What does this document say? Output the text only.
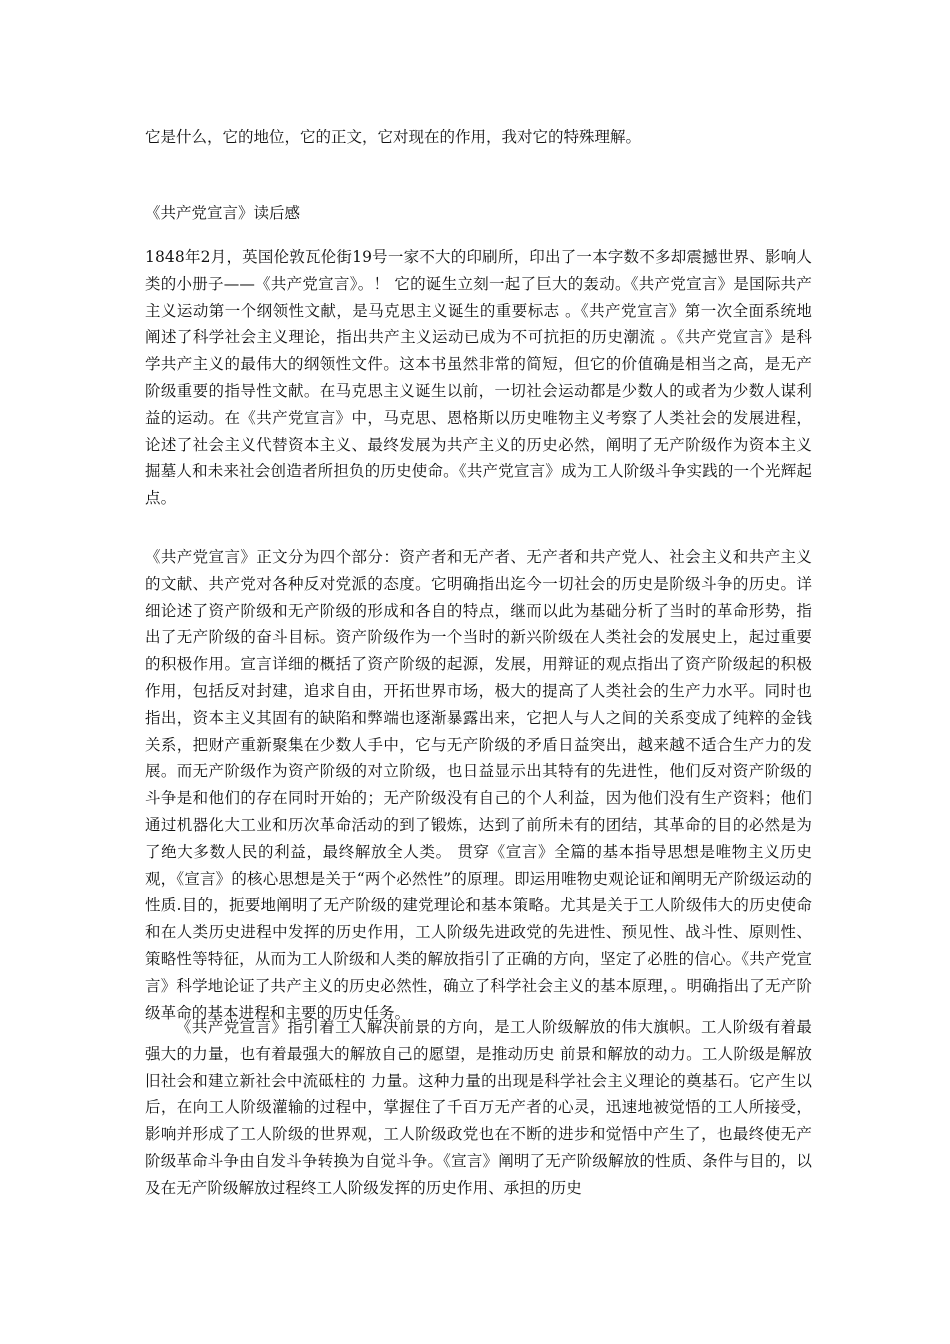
它是什么，它的地位，它的正文，它对现在的作用，我对它的特殊理解。

《共产党宣言》读后感

1848年2月，英国伦敦瓦伦街19号一家不大的印刷所，印出了一本字数不多却震撼世界、影响人类的小册子——《共产党宣言》。！ 它的诞生立刻一起了巨大的轰动。《共产党宣言》是国际共产主义运动第一个纲领性文献，是马克思主义诞生的重要标志 。《共产党宣言》第一次全面系统地阐述了科学社会主义理论，指出共产主义运动已成为不可抗拒的历史潮流 。《共产党宣言》是科学共产主义的最伟大的纲领性文件。这本书虽然非常的简短，但它的价值确是相当之高，是无产阶级重要的指导性文献。在马克思主义诞生以前，一切社会运动都是少数人的或者为少数人谋利益的运动。在《共产党宣言》中，马克思、恩格斯以历史唯物主义考察了人类社会的发展进程，论述了社会主义代替资本主义、最终发展为共产主义的历史必然，阐明了无产阶级作为资本主义掘墓人和未来社会创造者所担负的历史使命。《共产党宣言》成为工人阶级斗争实践的一个光辉起点。

《共产党宣言》正文分为四个部分：资产者和无产者、无产者和共产党人、社会主义和共产主义的文献、共产党对各种反对党派的态度。它明确指出迄今一切社会的历史是阶级斗争的历史。详细论述了资产阶级和无产阶级的形成和各自的特点，继而以此为基础分析了当时的革命形势，指出了无产阶级的奋斗目标。资产阶级作为一个当时的新兴阶级在人类社会的发展史上，起过重要的积极作用。宣言详细的概括了资产阶级的起源，发展，用辩证的观点指出了资产阶级起的积极作用，包括反对封建，追求自由，开拓世界市场，极大的提高了人类社会的生产力水平。同时也指出，资本主义其固有的缺陷和弊端也逐渐暴露出来，它把人与人之间的关系变成了纯粹的金钱关系，把财产重新聚集在少数人手中，它与无产阶级的矛盾日益突出，越来越不适合生产力的发展。而无产阶级作为资产阶级的对立阶级，也日益显示出其特有的先进性，他们反对资产阶级的斗争是和他们的存在同时开始的；无产阶级没有自己的个人利益，因为他们没有生产资料；他们通过机器化大工业和历次革命活动的到了锻炼，达到了前所未有的团结，其革命的目的必然是为了绝大多数人民的利益，最终解放全人类。 贯穿《宣言》全篇的基本指导思想是唯物主义历史观，《宣言》的核心思想是关于“两个必然性”的原理。即运用唯物史观论证和阐明无产阶级运动的性质.目的，扼要地阐明了无产阶级的建党理论和基本策略。尤其是关于工人阶级伟大的历史使命和在人类历史进程中发挥的历史作用，工人阶级先进政党的先进性、预见性、战斗性、原则性、策略性等特征，从而为工人阶级和人类的解放指引了正确的方向，坚定了必胜的信心。《共产党宣言》科学地论证了共产主义的历史必然性，确立了科学社会主义的基本原理，。明确指出了无产阶级革命的基本进程和主要的历史任务。

《共产党宣言》指引着工人解决前景的方向，是工人阶级解放的伟大旗帜。工人阶级有着最强大的力量，也有着最强大的解放自己的愿望，是推动历史 前景和解放的动力。工人阶级是解放旧社会和建立新社会中流砥柱的 力量。这种力量的出现是科学社会主义理论的奠基石。它产生以后，在向工人阶级灌输的过程中，掌握住了千百万无产者的心灵，迅速地被觉悟的工人所接受，影响并形成了工人阶级的世界观，工人阶级政党也在不断的进步和觉悟中产生了，也最终使无产阶级革命斗争由自发斗争转换为自觉斗争。《宣言》阐明了无产阶级解放的性质、条件与目的，以及在无产阶级解放过程终工人阶级发挥的历史作用、承担的历史
